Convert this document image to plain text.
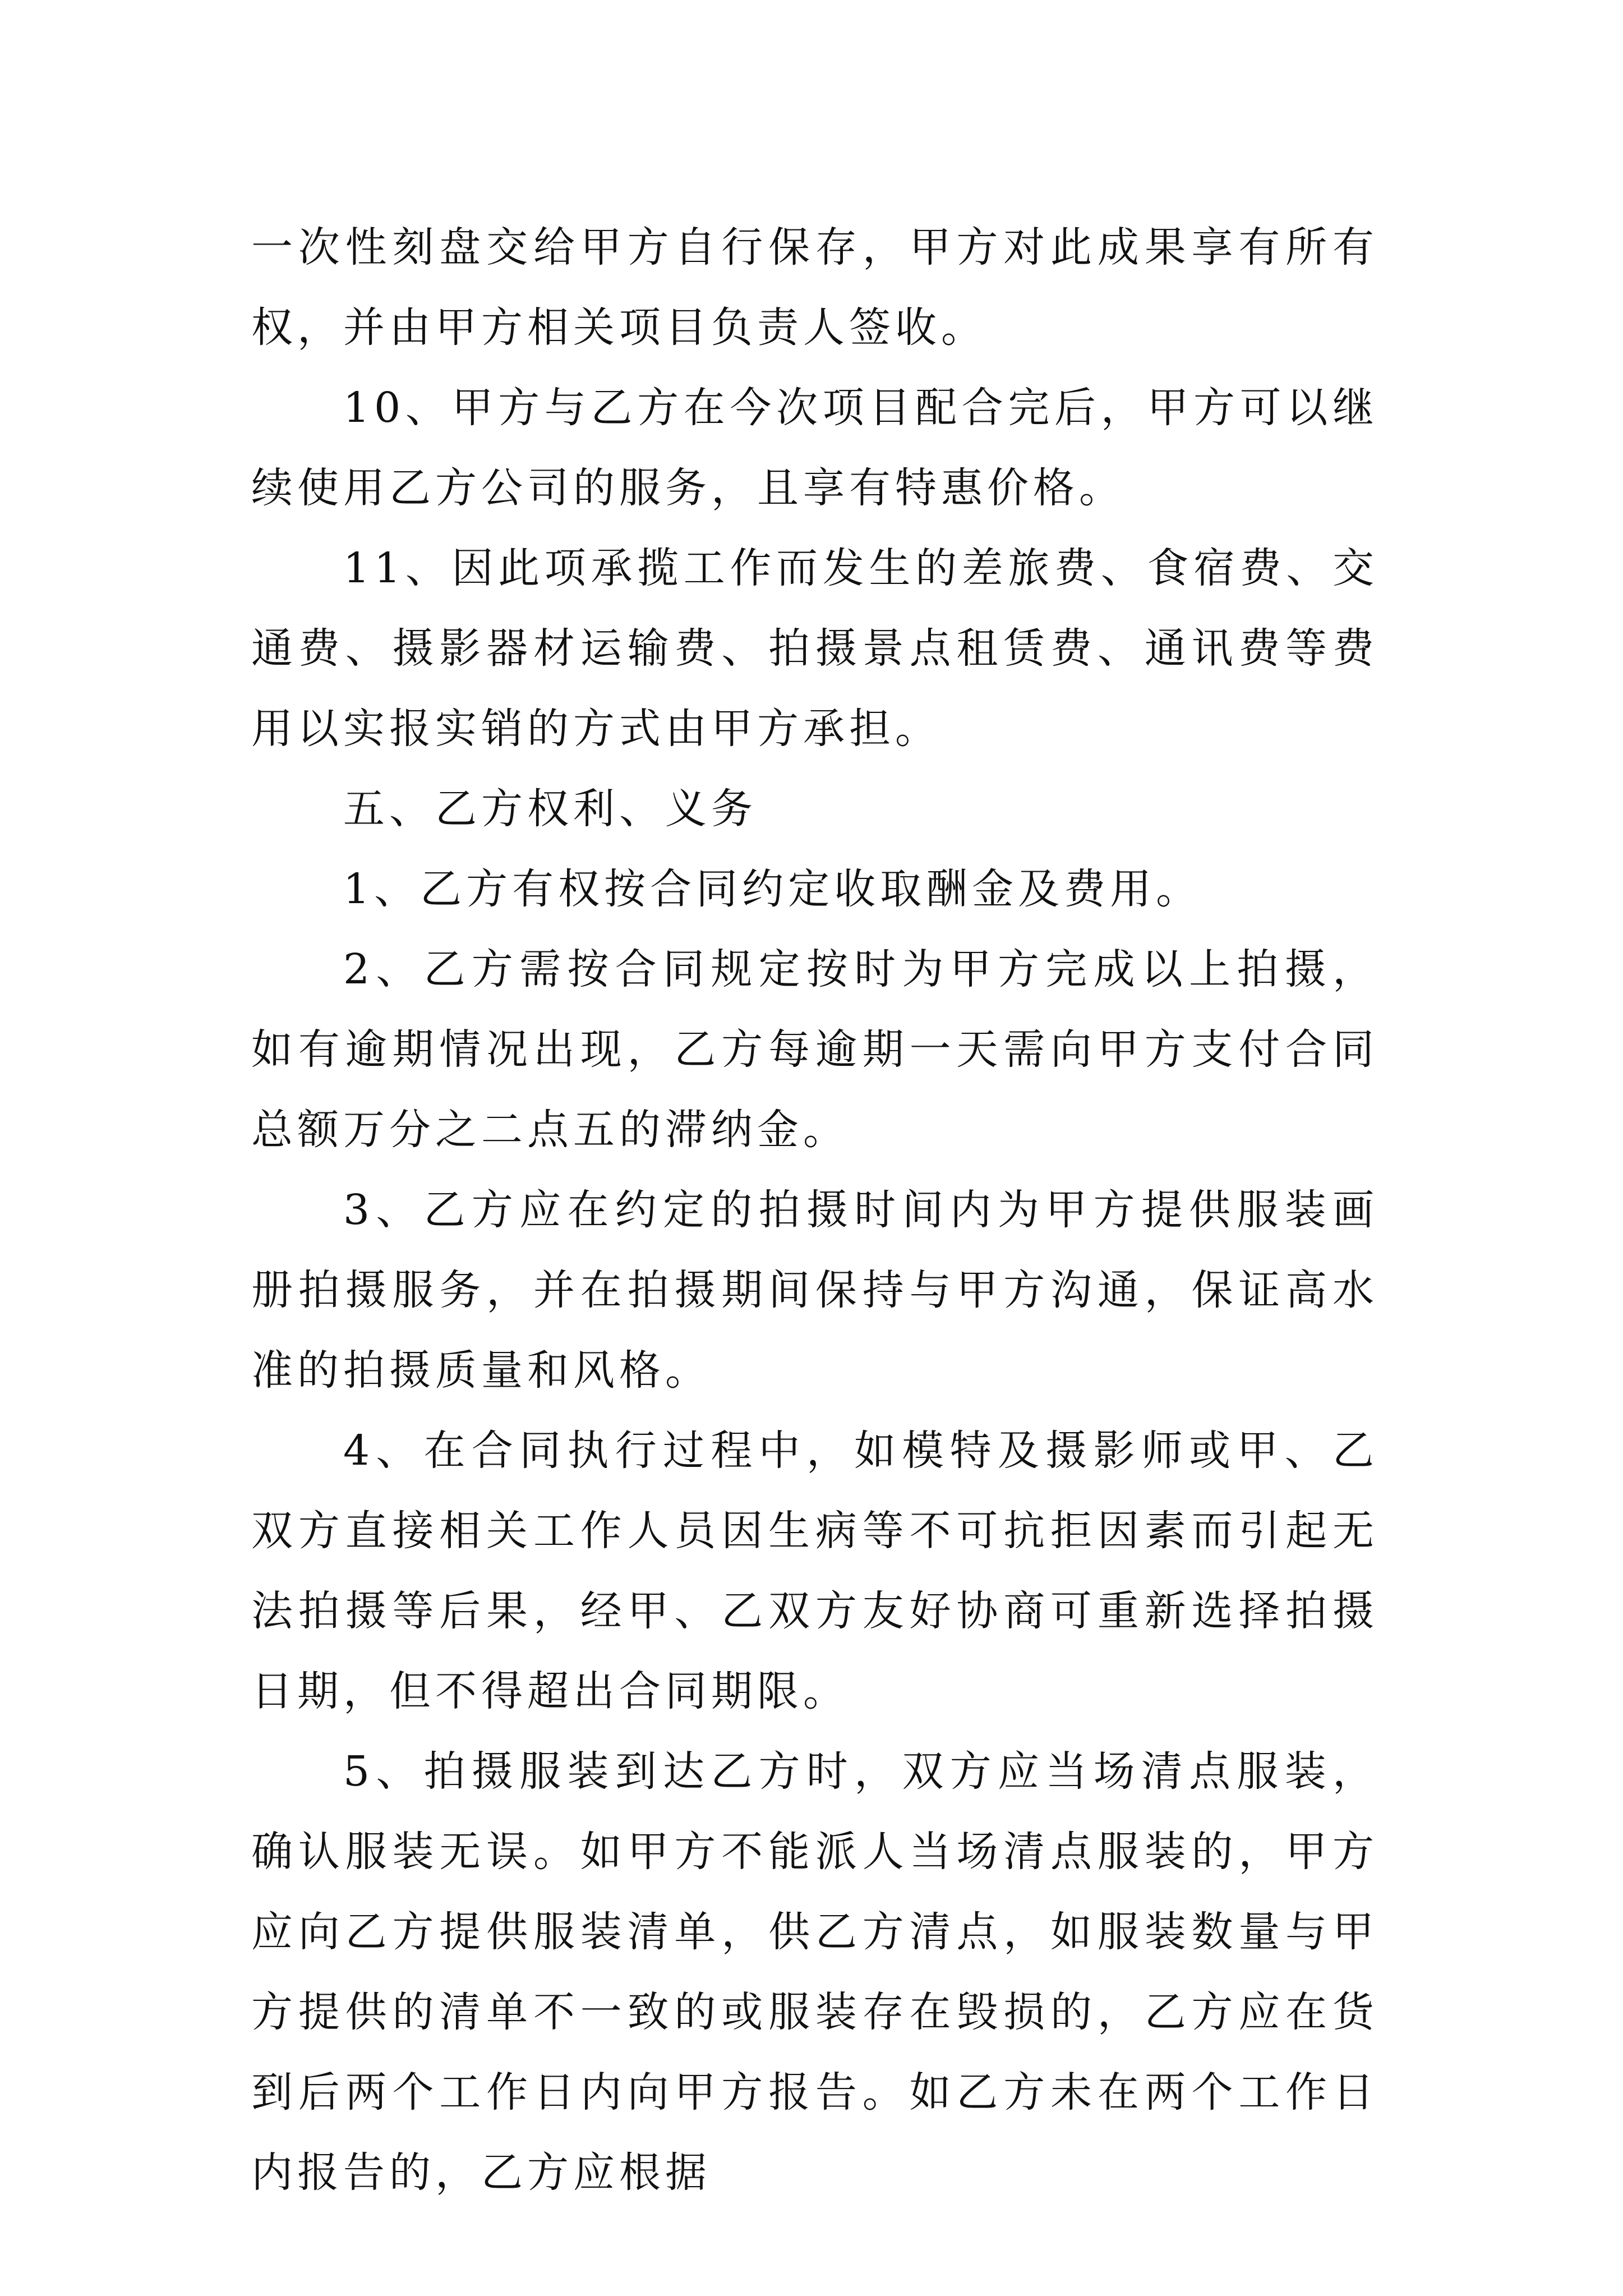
一次性刻盘交给甲方自行保存，甲方对此成果享有所有权，并由甲方相关项目负责人签收。

10、甲方与乙方在今次项目配合完后，甲方可以继续使用乙方公司的服务，且享有特惠价格。

11、因此项承揽工作而发生的差旅费、食宿费、交通费、摄影器材运输费、拍摄景点租赁费、通讯费等费用以实报实销的方式由甲方承担。

五、乙方权利、义务

1、乙方有权按合同约定收取酬金及费用。

2、乙方需按合同规定按时为甲方完成以上拍摄，如有逾期情况出现，乙方每逾期一天需向甲方支付合同总额万分之二点五的滞纳金。

3、乙方应在约定的拍摄时间内为甲方提供服装画册拍摄服务，并在拍摄期间保持与甲方沟通，保证高水准的拍摄质量和风格。

4、在合同执行过程中，如模特及摄影师或甲、乙双方直接相关工作人员因生病等不可抗拒因素而引起无法拍摄等后果，经甲、乙双方友好协商可重新选择拍摄日期，但不得超出合同期限。

5、拍摄服装到达乙方时，双方应当场清点服装，确认服装无误。如甲方不能派人当场清点服装的，甲方应向乙方提供服装清单，供乙方清点，如服装数量与甲方提供的清单不一致的或服装存在毁损的，乙方应在货到后两个工作日内向甲方报告。如乙方未在两个工作日内报告的，乙方应根据
